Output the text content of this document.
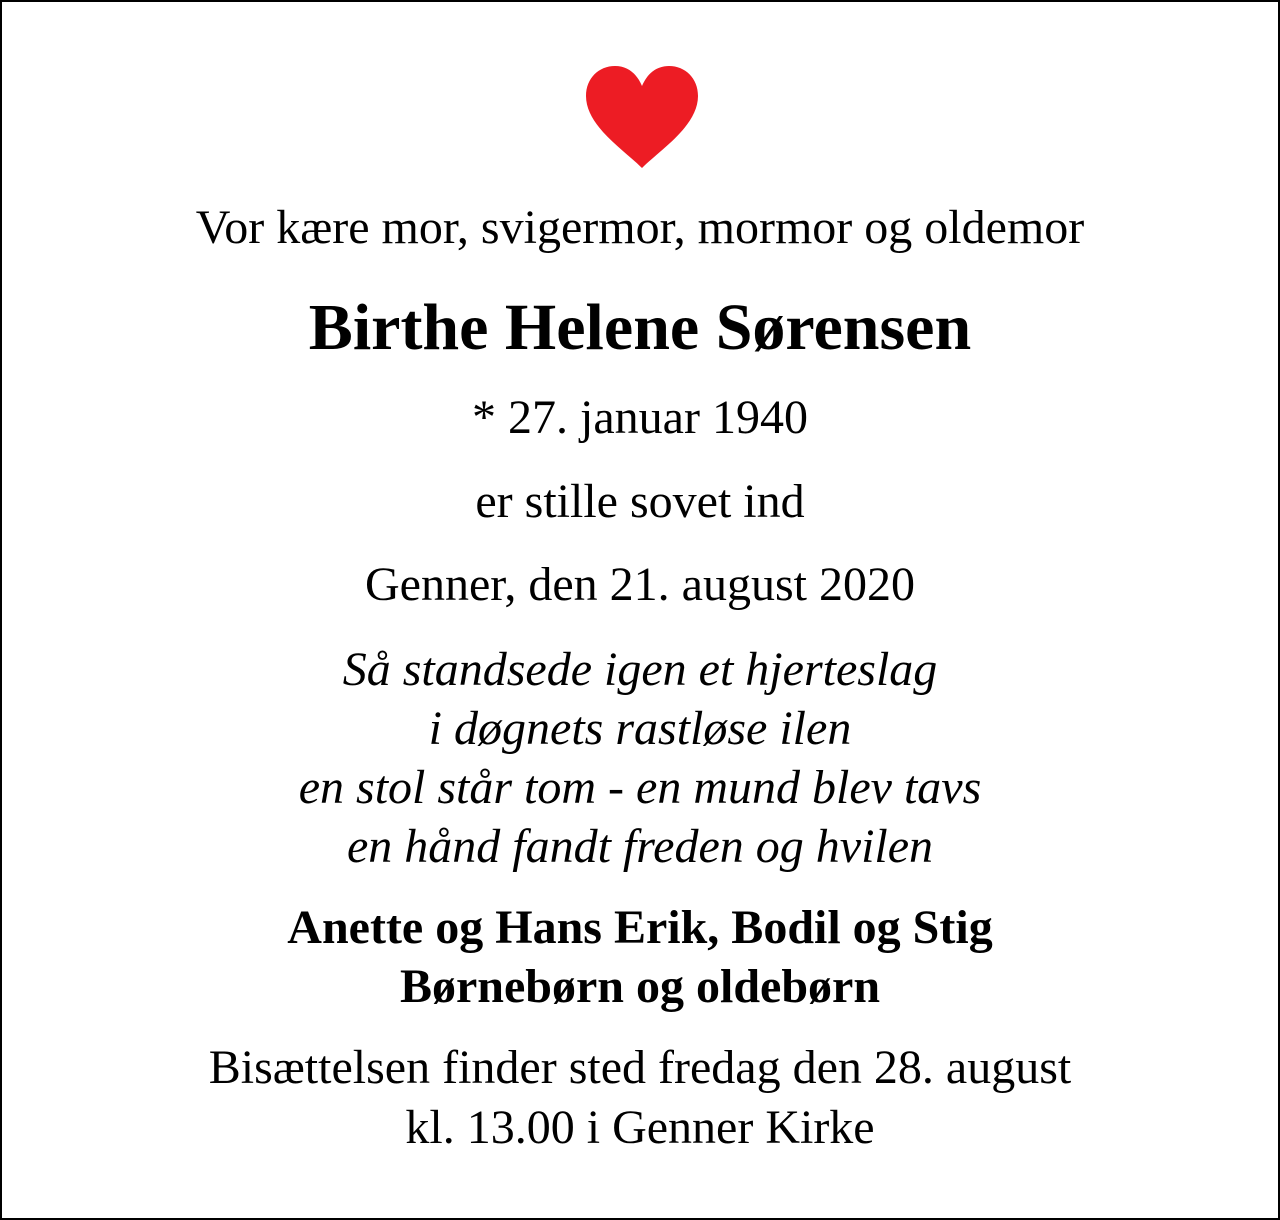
Vor kære mor, svigermor, mormor og oldemor
Birthe Helene Sørensen
* 27. januar 1940
er stille sovet ind
Genner, den 21. august 2020
Så standsede igen et hjerteslag
i døgnets rastløse ilen
en stol står tom - en mund blev tavs
en hånd fandt freden og hvilen
Anette og Hans Erik, Bodil og Stig
Børnebørn og oldebørn
Bisættelsen finder sted fredag den 28. august
kl. 13.00 i Genner Kirke
